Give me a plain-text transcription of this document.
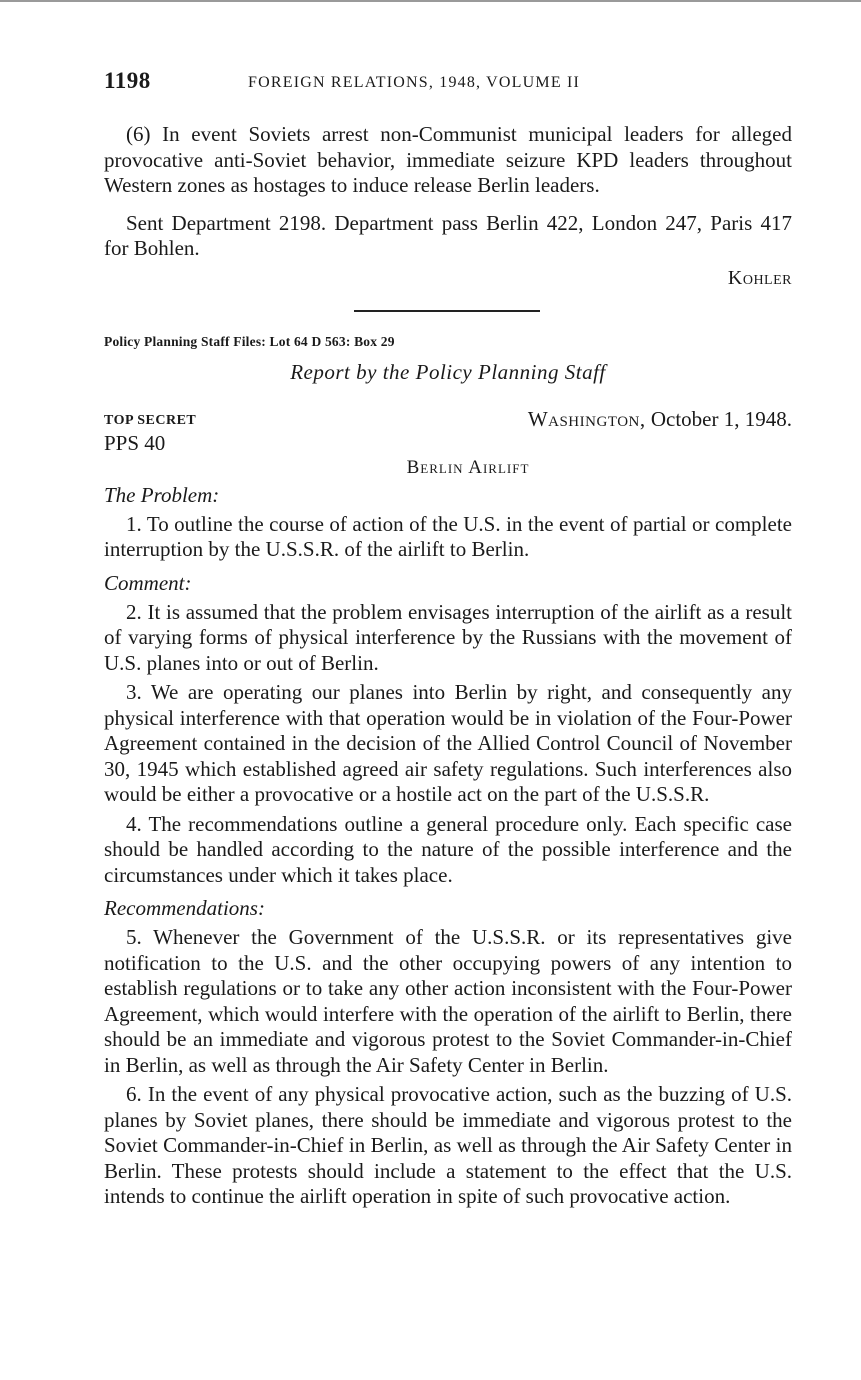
1198	FOREIGN RELATIONS, 1948, VOLUME II

(6) In event Soviets arrest non-Communist municipal leaders for alleged provocative anti-Soviet behavior, immediate seizure KPD leaders throughout Western zones as hostages to induce release Berlin leaders.

Sent Department 2198. Department pass Berlin 422, London 247, Paris 417 for Bohlen.

Kohler
Policy Planning Staff Files: Lot 64 D 563: Box 29
Report by the Policy Planning Staff
TOP SECRET	Washington, October 1, 1948.
PPS 40
Berlin Airlift
The Problem:

1. To outline the course of action of the U.S. in the event of partial or complete interruption by the U.S.S.R. of the airlift to Berlin.

Comment:

2. It is assumed that the problem envisages interruption of the airlift as a result of varying forms of physical interference by the Russians with the movement of U.S. planes into or out of Berlin.

3. We are operating our planes into Berlin by right, and consequently any physical interference with that operation would be in violation of the Four-Power Agreement contained in the decision of the Allied Control Council of November 30, 1945 which established agreed air safety regulations. Such interferences also would be either a provocative or a hostile act on the part of the U.S.S.R.

4. The recommendations outline a general procedure only. Each specific case should be handled according to the nature of the possible interference and the circumstances under which it takes place.

Recommendations:

5. Whenever the Government of the U.S.S.R. or its representatives give notification to the U.S. and the other occupying powers of any intention to establish regulations or to take any other action inconsistent with the Four-Power Agreement, which would interfere with the operation of the airlift to Berlin, there should be an immediate and vigorous protest to the Soviet Commander-in-Chief in Berlin, as well as through the Air Safety Center in Berlin.

6. In the event of any physical provocative action, such as the buzzing of U.S. planes by Soviet planes, there should be immediate and vigorous protest to the Soviet Commander-in-Chief in Berlin, as well as through the Air Safety Center in Berlin. These protests should include a statement to the effect that the U.S. intends to continue the airlift operation in spite of such provocative action.
